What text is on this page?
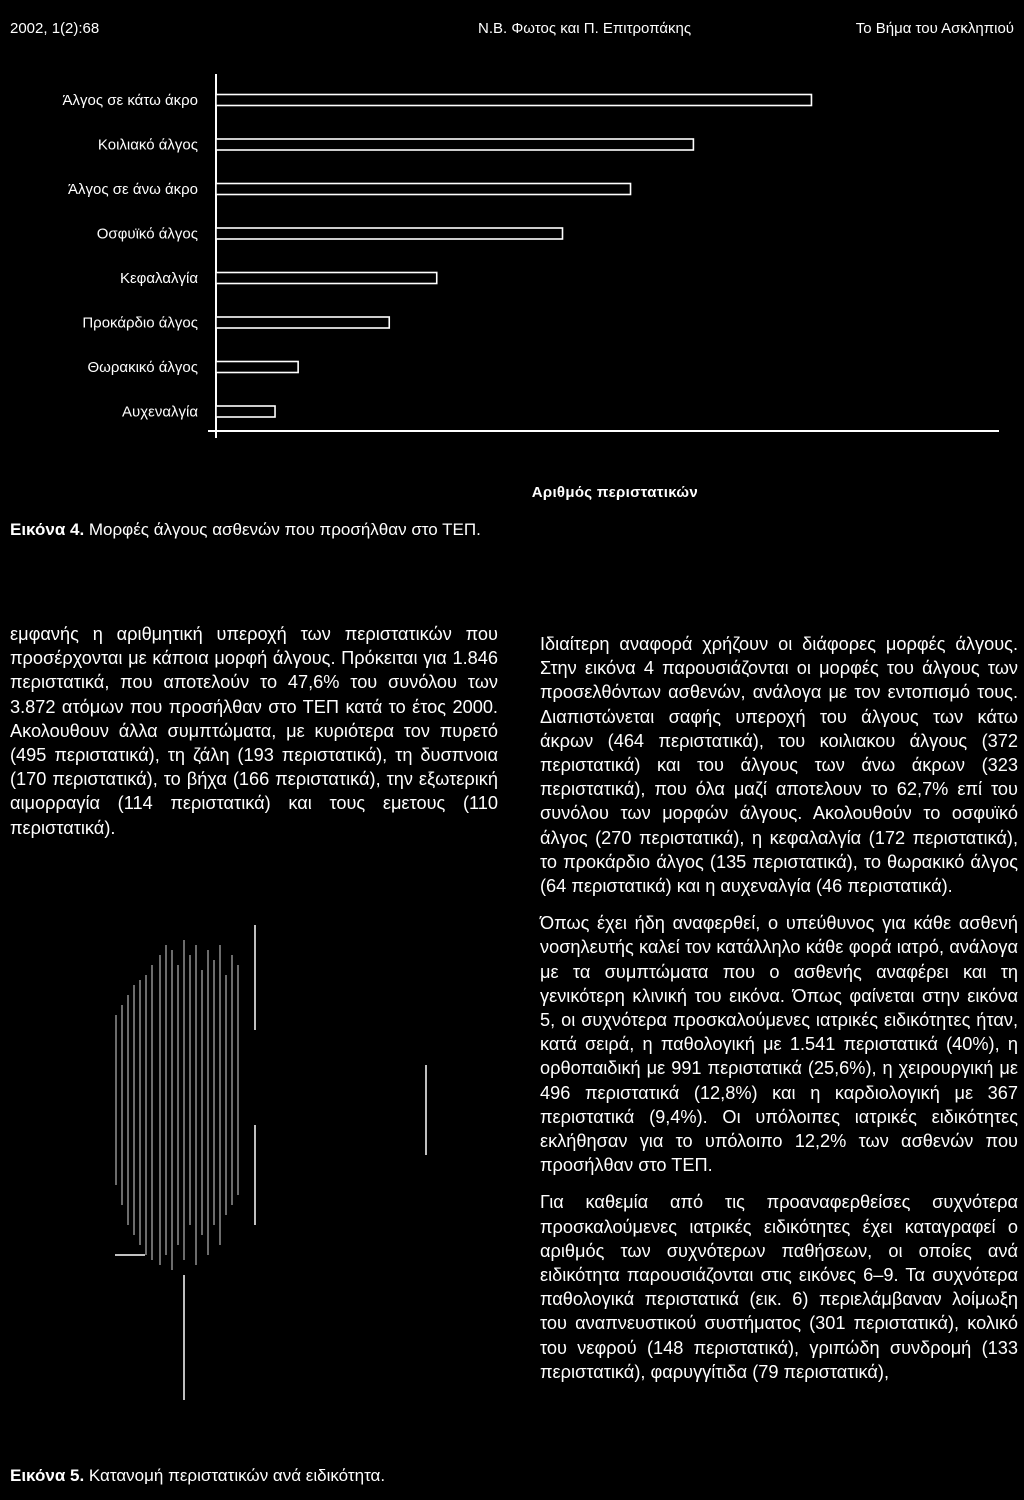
2002, 1(2):68	Ν.Β. Φωτος και Π. Επιτροπάκης	Το Βήμα του Ασκληπιού
Άλγος σε κάτω άκρο
Κοιλιακό άλγος
Άλγος σε άνω άκρο
Οσφυϊκό άλγος
Κεφαλαλγία
Προκάρδιο άλγος
Θωρακικό άλγος
Αυχεναλγία
Αριθμός περιστατικών
Εικόνα 4. Μορφές άλγους ασθενών που προσήλθαν στο ΤΕΠ.

εμφανής η αριθμητική υπεροχή των περιστατικών που προσέρχονται με κάποια μορφή άλγους. Πρόκειται για 1.846 περιστατικά, που αποτελούν το 47,6% του συνόλου των 3.872 ατόμων που προσήλθαν στο ΤΕΠ κατά το έτος 2000. Ακολουθουν άλλα συμπτώματα, με κυριότερα τον πυρετό (495 περιστατικά), τη ζάλη (193 περιστατικά), τη δυσπνοια (170 περιστατικά), το βήχα (166 περιστατικά), την εξωτερική αιμορραγία (114 περιστατικά) και τους εμετους (110 περιστατικά).

Εικόνα 5. Κατανομή περιστατικών ανά ειδικότητα.

Ιδιαίτερη αναφορά χρήζουν οι διάφορες μορφές άλγους. Στην εικόνα 4 παρουσιάζονται οι μορφές του άλγους των προσελθόντων ασθενών, ανάλογα με τον εντοπισμό τους. Διαπιστώνεται σαφής υπεροχή του άλγους των κάτω άκρων (464 περιστατικά), του κοιλιακου άλγους (372 περιστατικά) και του άλγους των άνω άκρων (323 περιστατικά), που όλα μαζί αποτελουν το 62,7% επί του συνόλου των μορφών άλγους. Ακολουθούν το οσφυϊκό άλγος (270 περιστατικά), η κεφαλαλγία (172 περιστατικά), το προκάρδιο άλγος (135 περιστατικά), το θωρακικό άλγος (64 περιστατικά) και η αυχεναλγία (46 περιστατικά).

Όπως έχει ήδη αναφερθεί, ο υπεύθυνος για κάθε ασθενή νοσηλευτής καλεί τον κατάλληλο κάθε φορά ιατρό, ανάλογα με τα συμπτώματα που ο ασθενής αναφέρει και τη γενικότερη κλινική του εικόνα. Όπως φαίνεται στην εικόνα 5, οι συχνότερα προσκαλούμενες ιατρικές ειδικότητες ήταν, κατά σειρά, η παθολογική με 1.541 περιστατικά (40%), η ορθοπαιδική με 991 περιστατικά (25,6%), η χειρουργική με 496 περιστατικά (12,8%) και η καρδιολογική με 367 περιστατικά (9,4%). Οι υπόλοιπες ιατρικές ειδικότητες εκλήθησαν για το υπόλοιπο 12,2% των ασθενών που προσήλθαν στο ΤΕΠ.

Για καθεμία από τις προαναφερθείσες συχνότερα προσκαλούμενες ιατρικές ειδικότητες έχει καταγραφεί ο αριθμός των συχνότερων παθήσεων, οι οποίες ανά ειδικότητα παρουσιάζονται στις εικόνες 6–9. Τα συχνότερα παθολογικά περιστατικά (εικ. 6) περιελάμβαναν λοίμωξη του αναπνευστικού συστήματος (301 περιστατικά), κολικό του νεφρού (148 περιστατικά), γριπώδη συνδρομή (133 περιστατικά), φαρυγγίτιδα (79 περιστατικά),
